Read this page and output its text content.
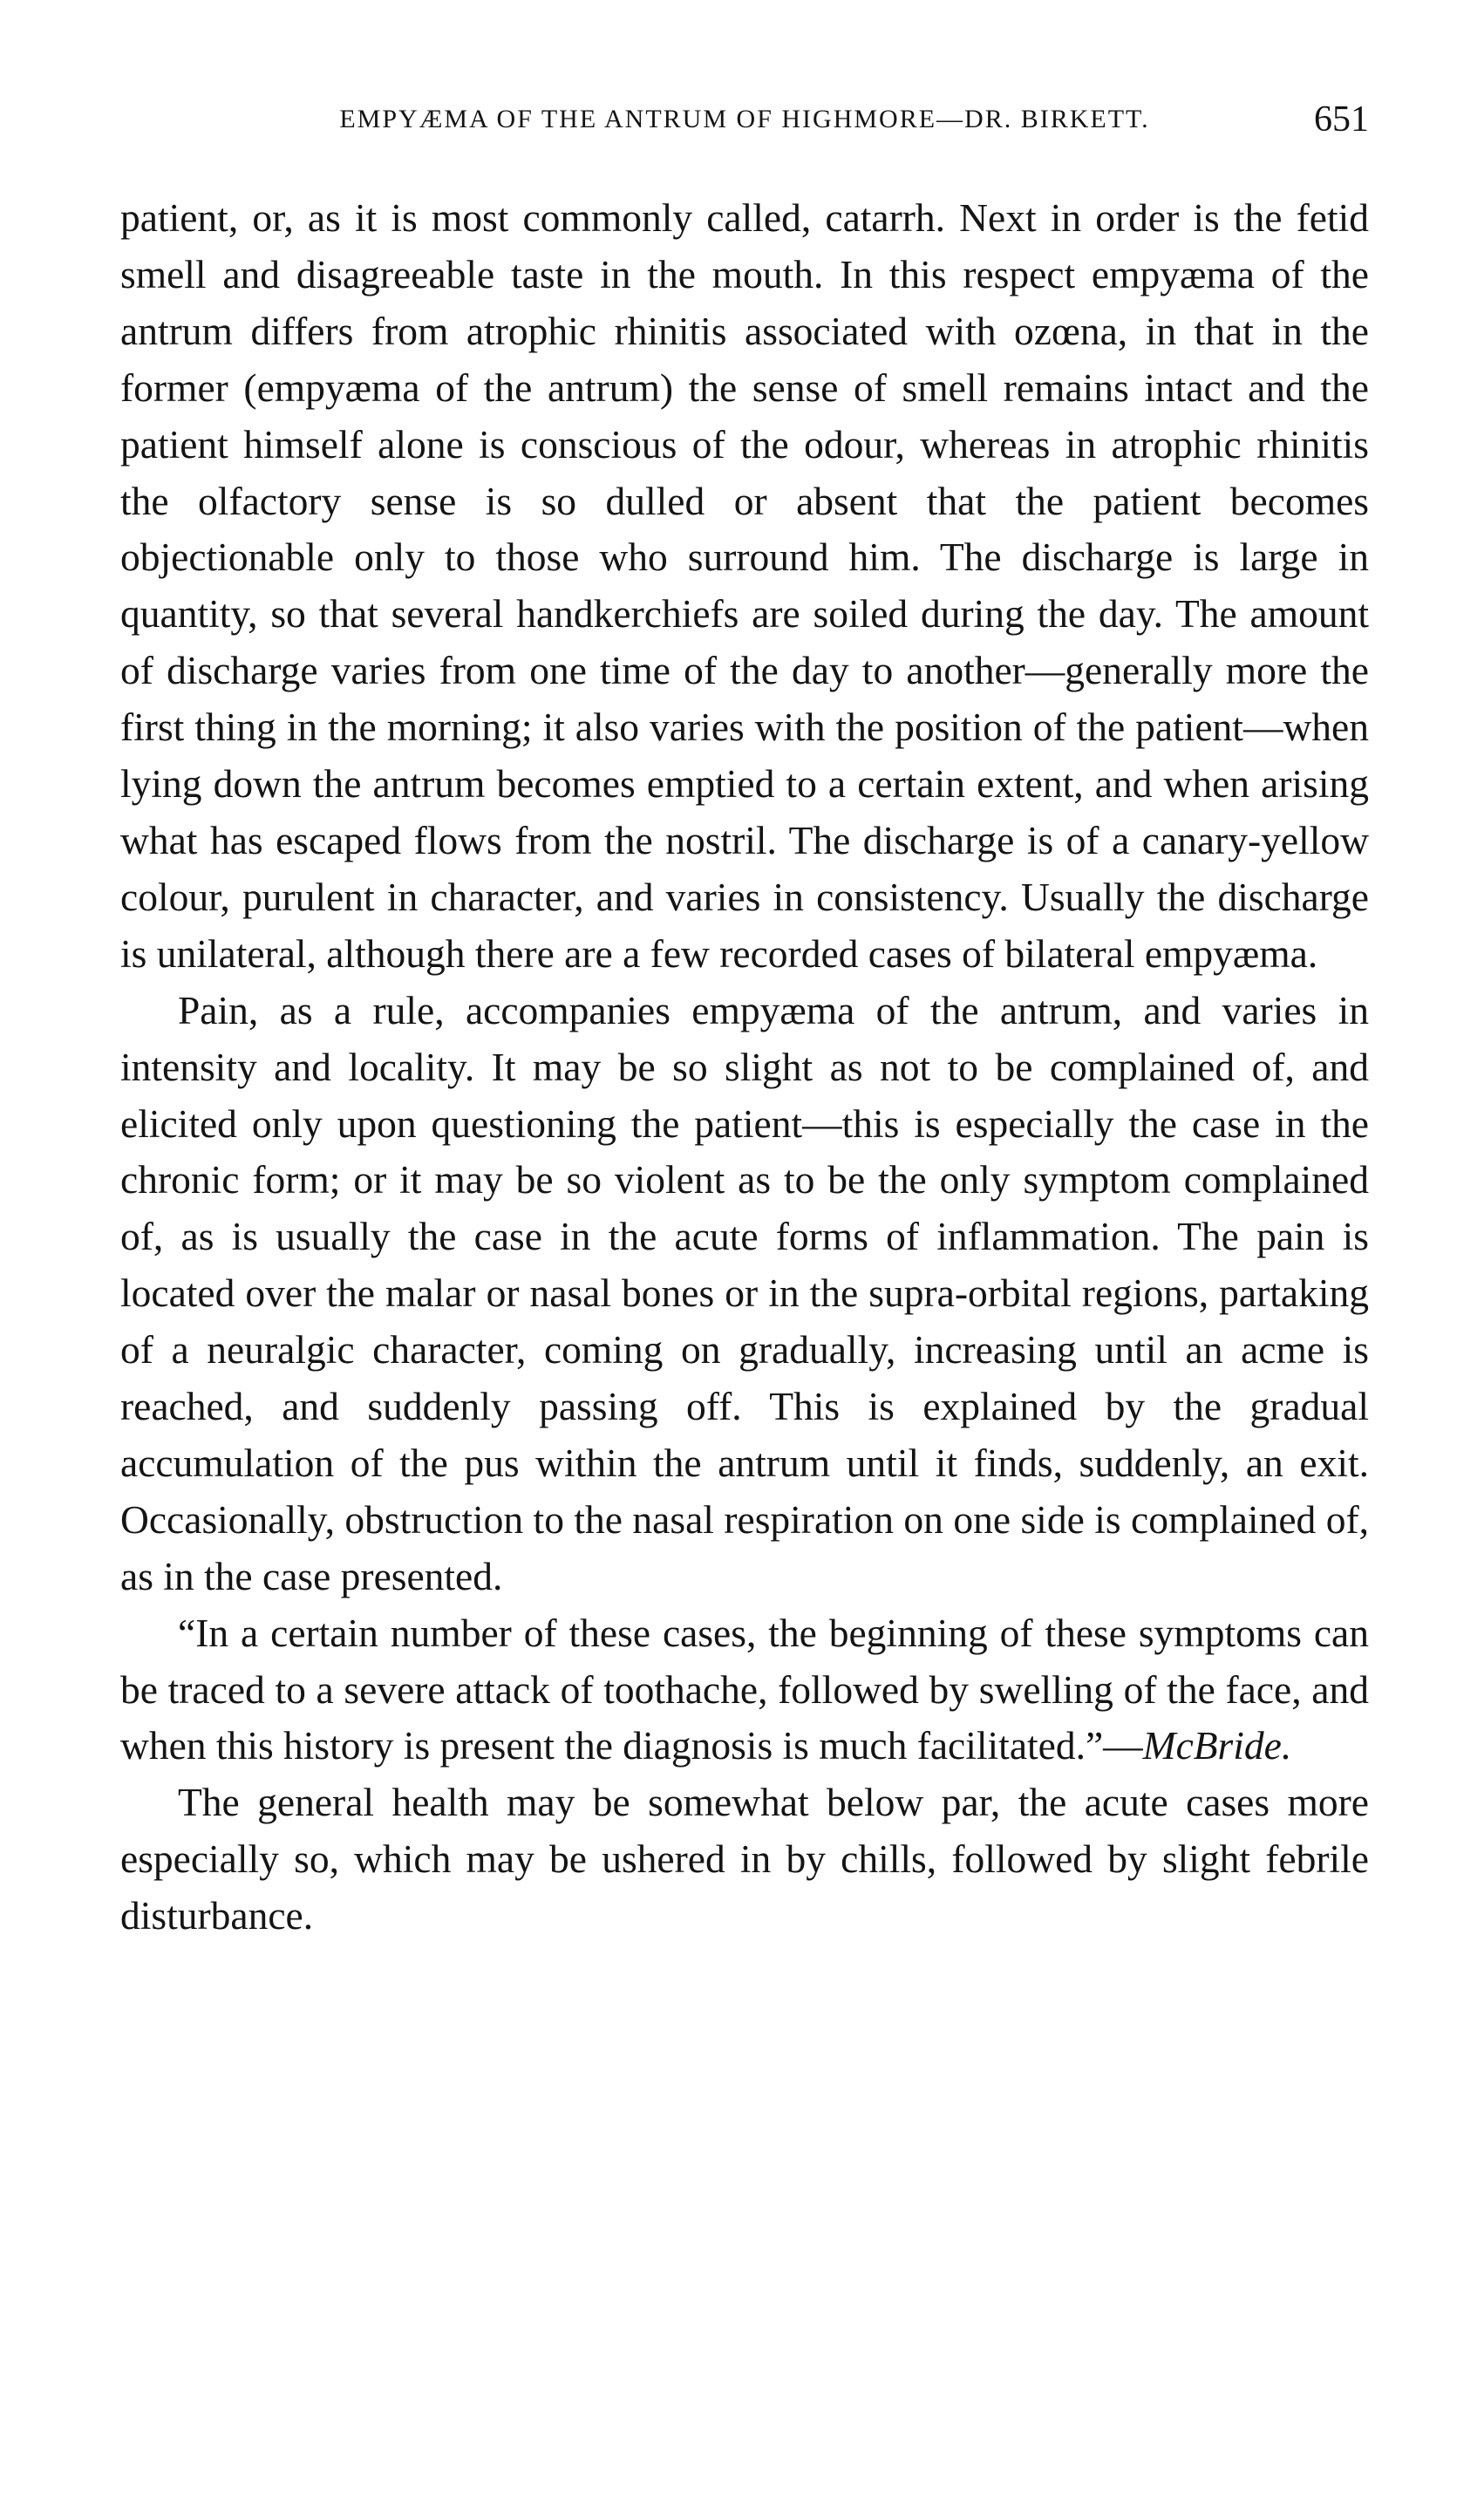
EMPYÆMA OF THE ANTRUM OF HIGHMORE—DR. BIRKETT.	651

patient, or, as it is most commonly called, catarrh. Next in order is the fetid smell and disagreeable taste in the mouth. In this respect empyæma of the antrum differs from atrophic rhinitis associated with ozœna, in that in the former (empyæma of the antrum) the sense of smell remains intact and the patient himself alone is conscious of the odour, whereas in atrophic rhinitis the olfactory sense is so dulled or absent that the patient becomes objectionable only to those who surround him. The discharge is large in quantity, so that several handkerchiefs are soiled during the day. The amount of discharge varies from one time of the day to another—generally more the first thing in the morning; it also varies with the position of the patient—when lying down the antrum becomes emptied to a certain extent, and when arising what has escaped flows from the nostril. The discharge is of a canary-yellow colour, purulent in character, and varies in consistency. Usually the discharge is unilateral, although there are a few recorded cases of bilateral empyæma.

Pain, as a rule, accompanies empyæma of the antrum, and varies in intensity and locality. It may be so slight as not to be complained of, and elicited only upon questioning the patient—this is especially the case in the chronic form; or it may be so violent as to be the only symptom complained of, as is usually the case in the acute forms of inflammation. The pain is located over the malar or nasal bones or in the supra-orbital regions, partaking of a neuralgic character, coming on gradually, increasing until an acme is reached, and suddenly passing off. This is explained by the gradual accumulation of the pus within the antrum until it finds, suddenly, an exit. Occasionally, obstruction to the nasal respiration on one side is complained of, as in the case presented.

“In a certain number of these cases, the beginning of these symptoms can be traced to a severe attack of toothache, followed by swelling of the face, and when this history is present the diagnosis is much facilitated.”—McBride.

The general health may be somewhat below par, the acute cases more especially so, which may be ushered in by chills, followed by slight febrile disturbance.
